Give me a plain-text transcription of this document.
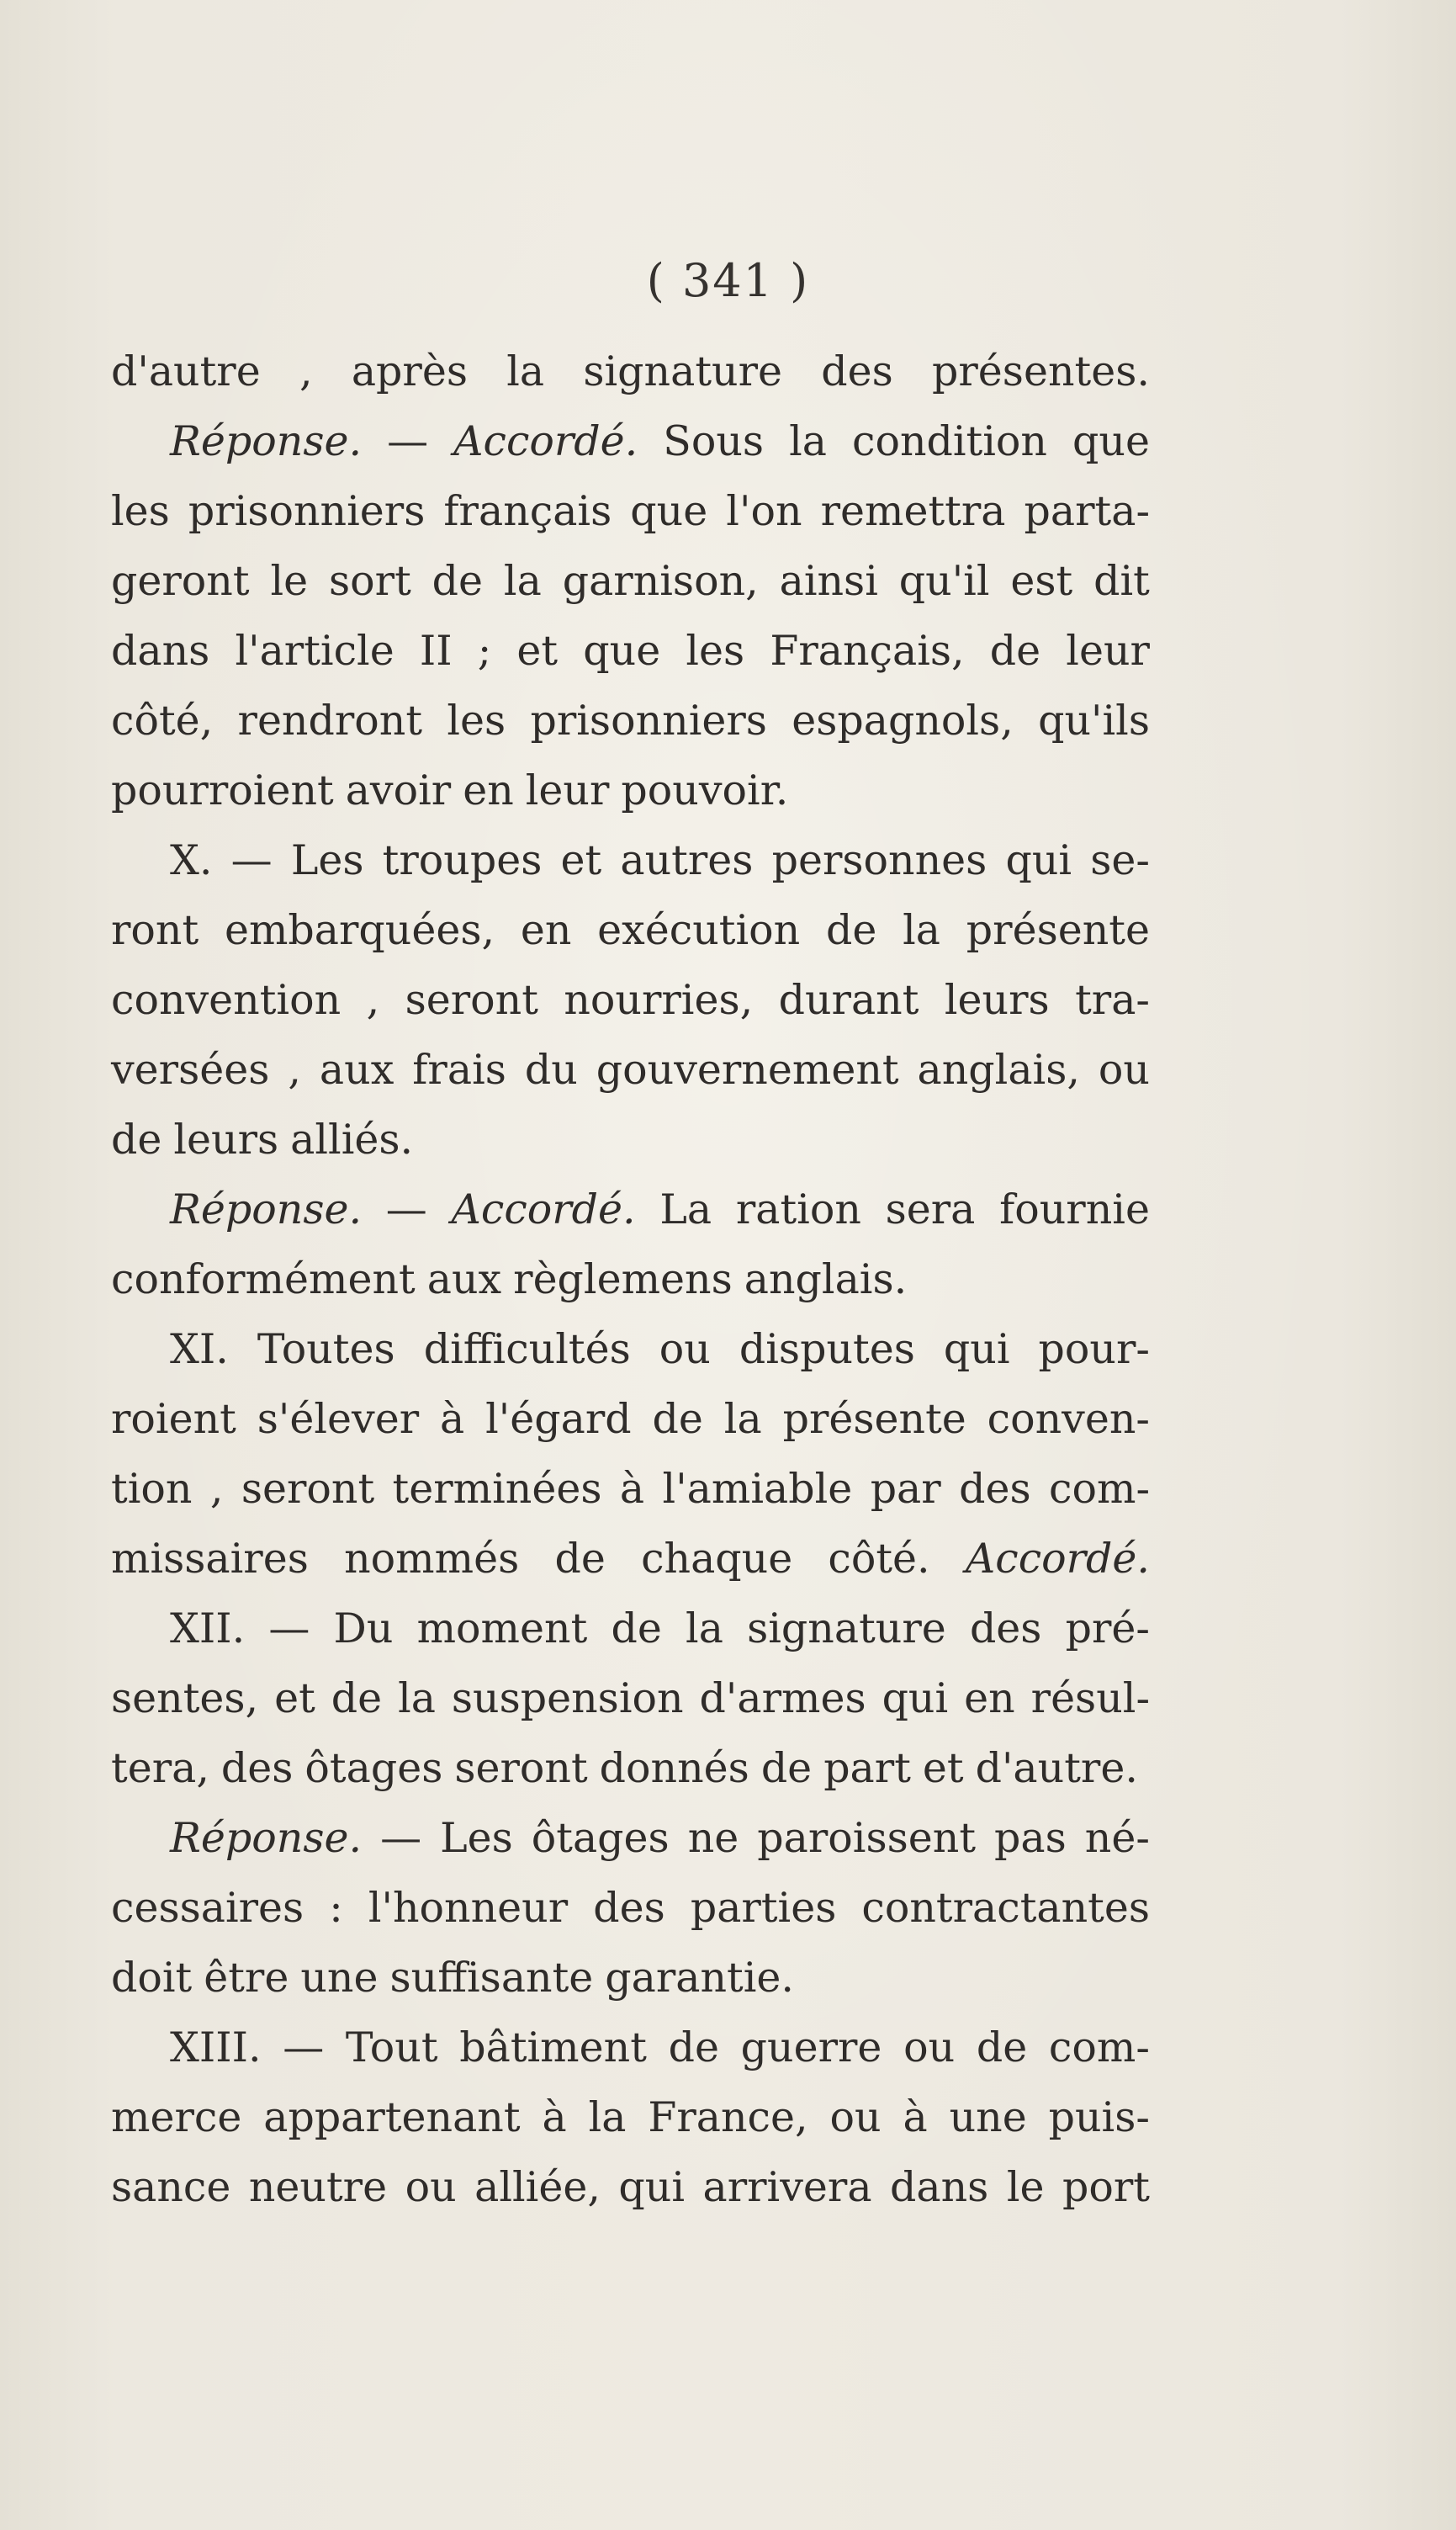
( 341 )
d'autre , après la signature des présentes.
Réponse. — Accordé. Sous la condition que
les prisonniers français que l'on remettra parta-
geront le sort de la garnison, ainsi qu'il est dit
dans l'article II ; et que les Français, de leur
côté, rendront les prisonniers espagnols, qu'ils
pourroient avoir en leur pouvoir.
X. — Les troupes et autres personnes qui se-
ront embarquées, en exécution de la présente
convention , seront nourries, durant leurs tra-
versées , aux frais du gouvernement anglais, ou
de leurs alliés.
Réponse. — Accordé. La ration sera fournie
conformément aux règlemens anglais.
XI. Toutes difficultés ou disputes qui pour-
roient s'élever à l'égard de la présente conven-
tion , seront terminées à l'amiable par des com-
missaires nommés de chaque côté. Accordé.
XII. — Du moment de la signature des pré-
sentes, et de la suspension d'armes qui en résul-
tera, des ôtages seront donnés de part et d'autre.
Réponse. — Les ôtages ne paroissent pas né-
cessaires : l'honneur des parties contractantes
doit être une suffisante garantie.
XIII. — Tout bâtiment de guerre ou de com-
merce appartenant à la France, ou à une puis-
sance neutre ou alliée, qui arrivera dans le port
